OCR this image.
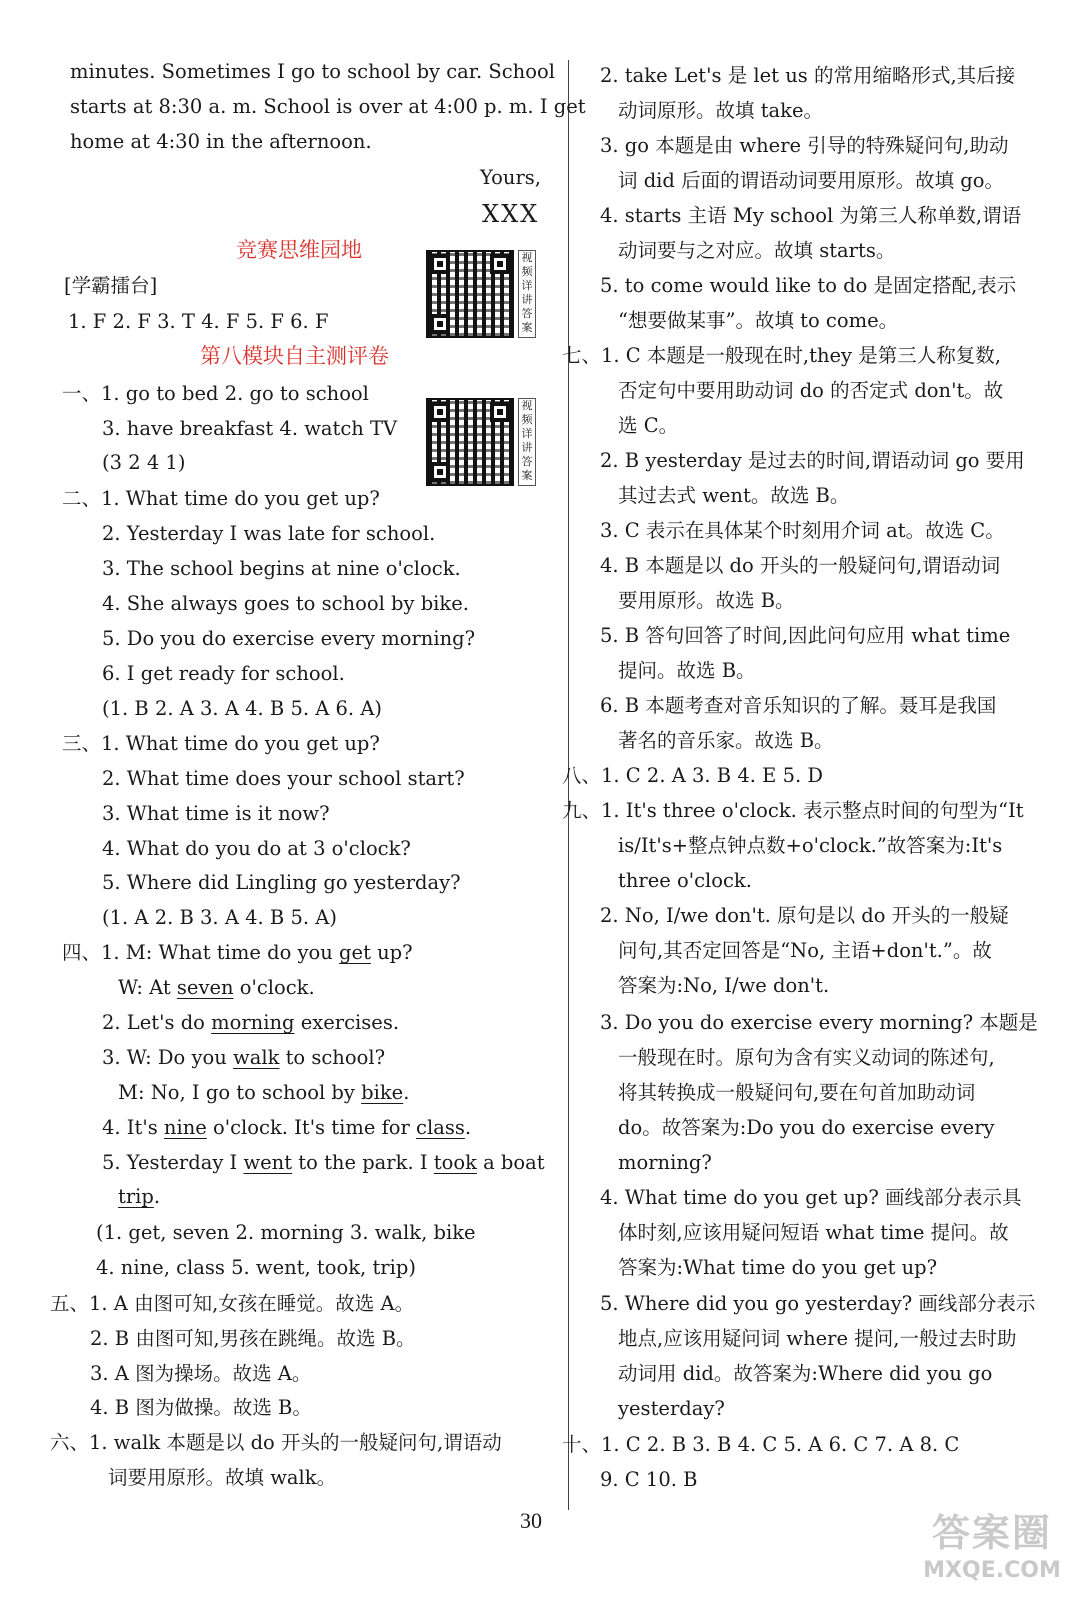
minutes. Sometimes I go to school by car. School
starts at 8:30 a. m. School is over at 4:00 p. m. I get
home at 4:30 in the afternoon.
Yours,
XXX
竞赛思维园地	视频详讲答案
[学霸擂台]
1. F 2. F 3. T 4. F 5. F 6. F
第八模块自主测评卷
视频详讲答案
一、1. go to bed 2. go to school
3. have breakfast 4. watch TV
(3 2 4 1)
二、1. What time do you get up?
2. Yesterday I was late for school.
3. The school begins at nine o'clock.
4. She always goes to school by bike.
5. Do you do exercise every morning?
6. I get ready for school.
(1. B 2. A 3. A 4. B 5. A 6. A)
三、1. What time do you get up?
2. What time does your school start?
3. What time is it now?
4. What do you do at 3 o'clock?
5. Where did Lingling go yesterday?
(1. A 2. B 3. A 4. B 5. A)
四、1. M: What time do you get up?
W: At seven o'clock.
2. Let's do morning exercises.
3. W: Do you walk to school?
M: No, I go to school by bike.
4. It's nine o'clock. It's time for class.
5. Yesterday I went to the park. I took a boat
trip.
(1. get, seven 2. morning 3. walk, bike
4. nine, class 5. went, took, trip)
五、1. A 由图可知,女孩在睡觉。故选 A。
2. B 由图可知,男孩在跳绳。故选 B。
3. A 图为操场。故选 A。
4. B 图为做操。故选 B。
六、1. walk 本题是以 do 开头的一般疑问句,谓语动
词要用原形。故填 walk。
2. take Let's 是 let us 的常用缩略形式,其后接
动词原形。故填 take。
3. go 本题是由 where 引导的特殊疑问句,助动
词 did 后面的谓语动词要用原形。故填 go。
4. starts 主语 My school 为第三人称单数,谓语
动词要与之对应。故填 starts。
5. to come would like to do 是固定搭配,表示
“想要做某事”。故填 to come。
七、1. C 本题是一般现在时,they 是第三人称复数,
否定句中要用助动词 do 的否定式 don't。故
选 C。
2. B yesterday 是过去的时间,谓语动词 go 要用
其过去式 went。故选 B。
3. C 表示在具体某个时刻用介词 at。故选 C。
4. B 本题是以 do 开头的一般疑问句,谓语动词
要用原形。故选 B。
5. B 答句回答了时间,因此问句应用 what time
提问。故选 B。
6. B 本题考查对音乐知识的了解。聂耳是我国
著名的音乐家。故选 B。
八、1. C 2. A 3. B 4. E 5. D
九、1. It's three o'clock. 表示整点时间的句型为“It
is/It's+整点钟点数+o'clock.”故答案为:It's
three o'clock.
2. No, I/we don't. 原句是以 do 开头的一般疑
问句,其否定回答是“No, 主语+don't.”。故
答案为:No, I/we don't.
3. Do you do exercise every morning? 本题是
一般现在时。原句为含有实义动词的陈述句,
将其转换成一般疑问句,要在句首加助动词
do。故答案为:Do you do exercise every
morning?
4. What time do you get up? 画线部分表示具
体时刻,应该用疑问短语 what time 提问。故
答案为:What time do you get up?
5. Where did you go yesterday? 画线部分表示
地点,应该用疑问词 where 提问,一般过去时助
动词用 did。故答案为:Where did you go
yesterday?
十、1. C 2. B 3. B 4. C 5. A 6. C 7. A 8. C
9. C 10. B
30	答案圈
MXQE.COM
